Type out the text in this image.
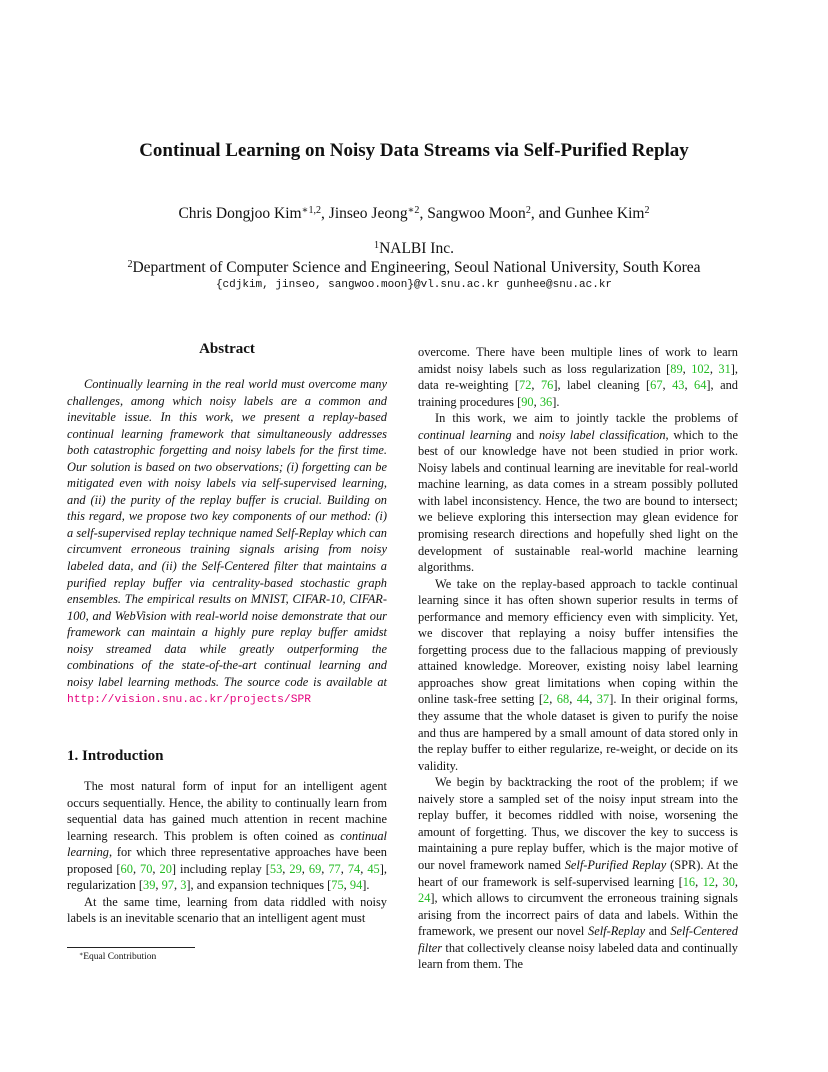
Continual Learning on Noisy Data Streams via Self-Purified Replay
Chris Dongjoo Kim$^{∗1,2}$, Jinseo Jeong$^{∗2}$, Sangwoo Moon$^2$, and Gunhee Kim$^2$
$^1$NALBI Inc.
$^2$Department of Computer Science and Engineering, Seoul National University, South Korea
{cdjkim, jinseo, sangwoo.moon}@vl.snu.ac.kr gunhee@snu.ac.kr
Abstract
Continually learning in the real world must overcome many challenges, among which noisy labels are a common and inevitable issue. In this work, we present a replay-based continual learning framework that simultaneously addresses both catastrophic forgetting and noisy labels for the first time. Our solution is based on two observations; (i) forgetting can be mitigated even with noisy labels via self-supervised learning, and (ii) the purity of the replay buffer is crucial. Building on this regard, we propose two key components of our method: (i) a self-supervised replay technique named Self-Replay which can circumvent erroneous training signals arising from noisy labeled data, and (ii) the Self-Centered filter that maintains a purified replay buffer via centrality-based stochastic graph ensembles. The empirical results on MNIST, CIFAR-10, CIFAR-100, and WebVision with real-world noise demonstrate that our framework can maintain a highly pure replay buffer amidst noisy streamed data while greatly outperforming the combinations of the state-of-the-art continual learning and noisy label learning methods. The source code is available at http://vision.snu.ac.kr/projects/SPR
1. Introduction

The most natural form of input for an intelligent agent occurs sequentially. Hence, the ability to continually learn from sequential data has gained much attention in recent machine learning research. This problem is often coined as continual learning, for which three representative approaches have been proposed [60, 70, 20] including replay [53, 29, 69, 77, 74, 45], regularization [39, 97, 3], and expansion techniques [75, 94].

At the same time, learning from data riddled with noisy labels is an inevitable scenario that an intelligent agent must

∗Equal Contribution

overcome. There have been multiple lines of work to learn amidst noisy labels such as loss regularization [89, 102, 31], data re-weighting [72, 76], label cleaning [67, 43, 64], and training procedures [90, 36].

In this work, we aim to jointly tackle the problems of continual learning and noisy label classification, which to the best of our knowledge have not been studied in prior work. Noisy labels and continual learning are inevitable for real-world machine learning, as data comes in a stream possibly polluted with label inconsistency. Hence, the two are bound to intersect; we believe exploring this intersection may glean evidence for promising research directions and hopefully shed light on the development of sustainable real-world machine learning algorithms.

We take on the replay-based approach to tackle continual learning since it has often shown superior results in terms of performance and memory efficiency even with simplicity. Yet, we discover that replaying a noisy buffer intensifies the forgetting process due to the fallacious mapping of previously attained knowledge. Moreover, existing noisy label learning approaches show great limitations when coping within the online task-free setting [2, 68, 44, 37]. In their original forms, they assume that the whole dataset is given to purify the noise and thus are hampered by a small amount of data stored only in the replay buffer to either regularize, re-weight, or decide on its validity.

We begin by backtracking the root of the problem; if we naively store a sampled set of the noisy input stream into the replay buffer, it becomes riddled with noise, worsening the amount of forgetting. Thus, we discover the key to success is maintaining a pure replay buffer, which is the major motive of our novel framework named Self-Purified Replay (SPR). At the heart of our framework is self-supervised learning [16, 12, 30, 24], which allows to circumvent the erroneous training signals arising from the incorrect pairs of data and labels. Within the framework, we present our novel Self-Replay and Self-Centered filter that collectively cleanse noisy labeled data and continually learn from them. The
